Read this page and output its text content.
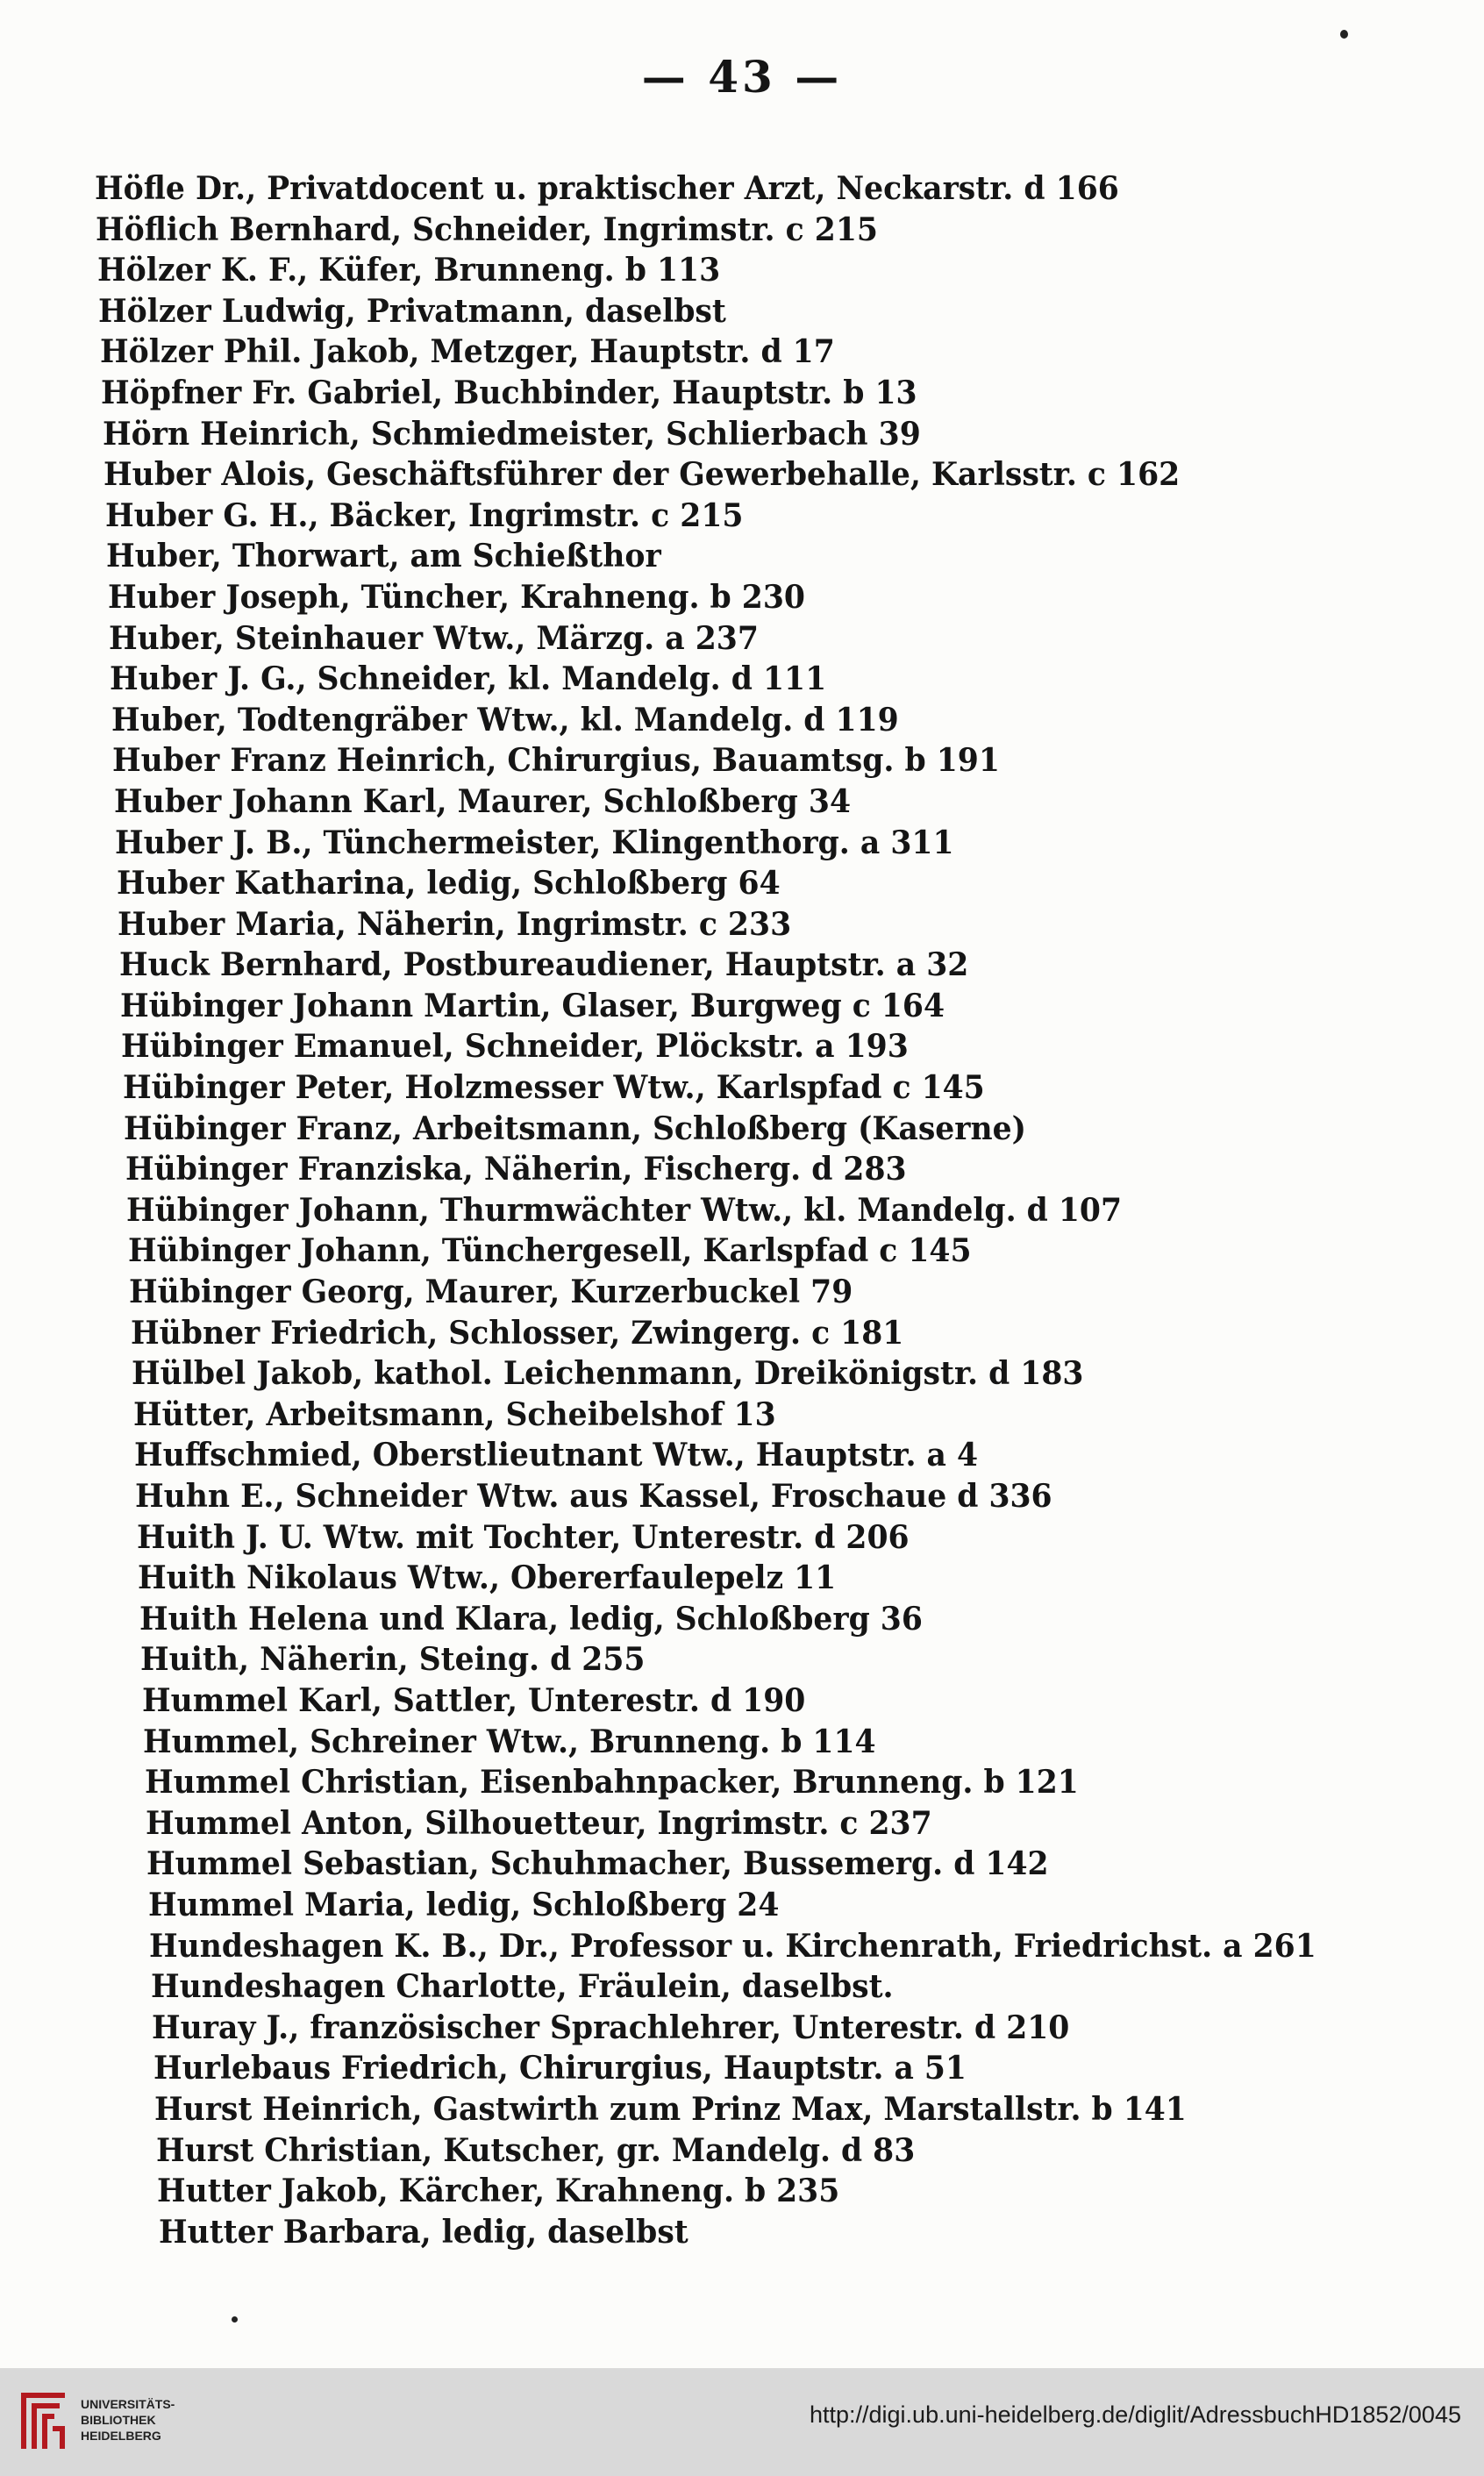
— 43 —
Höfle Dr., Privatdocent u. praktischer Arzt, Neckarstr. d 166
Höflich Bernhard, Schneider, Ingrimstr. c 215
Hölzer K. F., Küfer, Brunneng. b 113
Hölzer Ludwig, Privatmann, daselbst
Hölzer Phil. Jakob, Metzger, Hauptstr. d 17
Höpfner Fr. Gabriel, Buchbinder, Hauptstr. b 13
Hörn Heinrich, Schmiedmeister, Schlierbach 39
Huber Alois, Geschäftsführer der Gewerbehalle, Karlsstr. c 162
Huber G. H., Bäcker, Ingrimstr. c 215
Huber, Thorwart, am Schießthor
Huber Joseph, Tüncher, Krahneng. b 230
Huber, Steinhauer Wtw., Märzg. a 237
Huber J. G., Schneider, kl. Mandelg. d 111
Huber, Todtengräber Wtw., kl. Mandelg. d 119
Huber Franz Heinrich, Chirurgius, Bauamtsg. b 191
Huber Johann Karl, Maurer, Schloßberg 34
Huber J. B., Tünchermeister, Klingenthorg. a 311
Huber Katharina, ledig, Schloßberg 64
Huber Maria, Näherin, Ingrimstr. c 233
Huck Bernhard, Postbureaudiener, Hauptstr. a 32
Hübinger Johann Martin, Glaser, Burgweg c 164
Hübinger Emanuel, Schneider, Plöckstr. a 193
Hübinger Peter, Holzmesser Wtw., Karlspfad c 145
Hübinger Franz, Arbeitsmann, Schloßberg (Kaserne)
Hübinger Franziska, Näherin, Fischerg. d 283
Hübinger Johann, Thurmwächter Wtw., kl. Mandelg. d 107
Hübinger Johann, Tünchergesell, Karlspfad c 145
Hübinger Georg, Maurer, Kurzerbuckel 79
Hübner Friedrich, Schlosser, Zwingerg. c 181
Hülbel Jakob, kathol. Leichenmann, Dreikönigstr. d 183
Hütter, Arbeitsmann, Scheibelshof 13
Huffschmied, Oberstlieutnant Wtw., Hauptstr. a 4
Huhn E., Schneider Wtw. aus Kassel, Froschaue d 336
Huith J. U. Wtw. mit Tochter, Unterestr. d 206
Huith Nikolaus Wtw., Obererfaulepelz 11
Huith Helena und Klara, ledig, Schloßberg 36
Huith, Näherin, Steing. d 255
Hummel Karl, Sattler, Unterestr. d 190
Hummel, Schreiner Wtw., Brunneng. b 114
Hummel Christian, Eisenbahnpacker, Brunneng. b 121
Hummel Anton, Silhouetteur, Ingrimstr. c 237
Hummel Sebastian, Schuhmacher, Bussemerg. d 142
Hummel Maria, ledig, Schloßberg 24
Hundeshagen K. B., Dr., Professor u. Kirchenrath, Friedrichst. a 261
Hundeshagen Charlotte, Fräulein, daselbst.
Huray J., französischer Sprachlehrer, Unterestr. d 210
Hurlebaus Friedrich, Chirurgius, Hauptstr. a 51
Hurst Heinrich, Gastwirth zum Prinz Max, Marstallstr. b 141
Hurst Christian, Kutscher, gr. Mandelg. d 83
Hutter Jakob, Kärcher, Krahneng. b 235
Hutter Barbara, ledig, daselbst
UNIVERSITÄTS-
BIBLIOTHEK
HEIDELBERG
http://digi.ub.uni-heidelberg.de/diglit/AdressbuchHD1852/0045
